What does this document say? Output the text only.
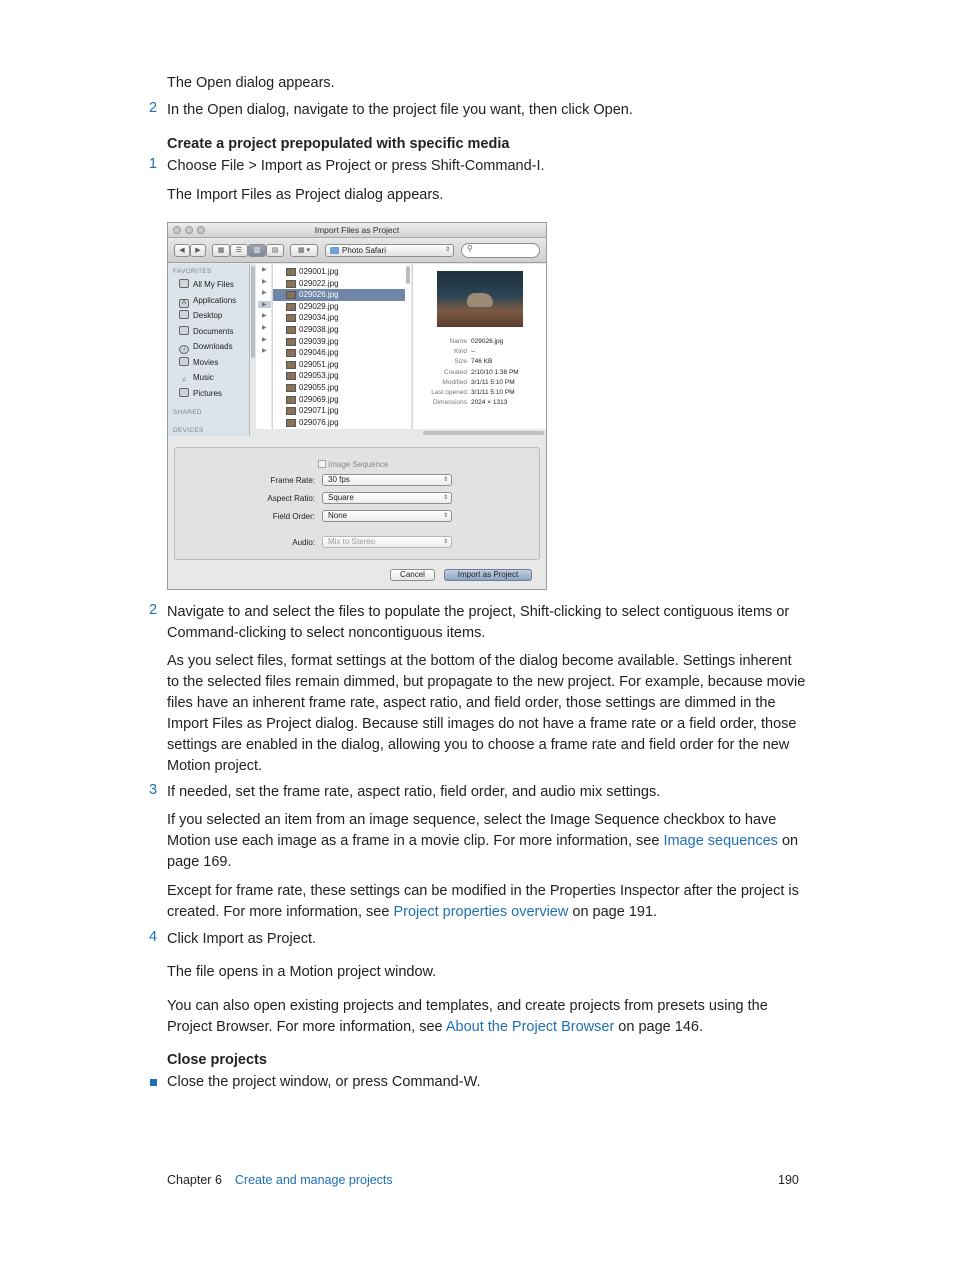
The Open dialog appears.
2 In the Open dialog, navigate to the project file you want, then click Open.
Create a project prepopulated with specific media
1 Choose File > Import as Project or press Shift-Command-I.
The Import Files as Project dialog appears.
Import Files as Project
◀	▶	▦	☰	▥	▤	▦ ▾	Photo Safari	⇕ ⚲
FAVORITES
All My Files
A Applications
Desktop
Documents
↓ Downloads
Movies
♫ Music
Pictures
SHARED
DEVICES
▶
▶
▶
▶
▶
▶
▶
▶
029001.jpg
029022.jpg
029026.jpg
029029.jpg
029034.jpg
029038.jpg
029039.jpg
029046.jpg
029051.jpg
029053.jpg
029055.jpg
029069.jpg
029071.jpg
029076.jpg
Name 029026.jpg
Kind --
Size 746 KB
Created 2/10/10 1:38 PM
Modified 3/1/11 5:10 PM
Last opened 3/1/11 5:10 PM
Dimensions 2024 × 1313
Image Sequence
Frame Rate:	30 fps	⇕
Aspect Ratio:	Square	⇕
Field Order:	None	⇕
Audio:	Mix to Stereo	⇕
Cancel	Import as Project
2 Navigate to and select the files to populate the project, Shift-clicking to select contiguous items or Command-clicking to select noncontiguous items.
As you select files, format settings at the bottom of the dialog become available. Settings inherent to the selected files remain dimmed, but propagate to the new project. For example, because movie files have an inherent frame rate, aspect ratio, and field order, those settings are dimmed in the Import Files as Project dialog. Because still images do not have a frame rate or a field order, those settings are enabled in the dialog, allowing you to choose a frame rate and field order for the new Motion project.
3 If needed, set the frame rate, aspect ratio, field order, and audio mix settings.
If you selected an item from an image sequence, select the Image Sequence checkbox to have Motion use each image as a frame in a movie clip. For more information, see Image sequences on page 169.
Except for frame rate, these settings can be modified in the Properties Inspector after the project is created. For more information, see Project properties overview on page 191.
4 Click Import as Project.
The file opens in a Motion project window.
You can also open existing projects and templates, and create projects from presets using the Project Browser. For more information, see About the Project Browser on page 146.
Close projects
Close the project window, or press Command-W.
Chapter 6 Create and manage projects	190
